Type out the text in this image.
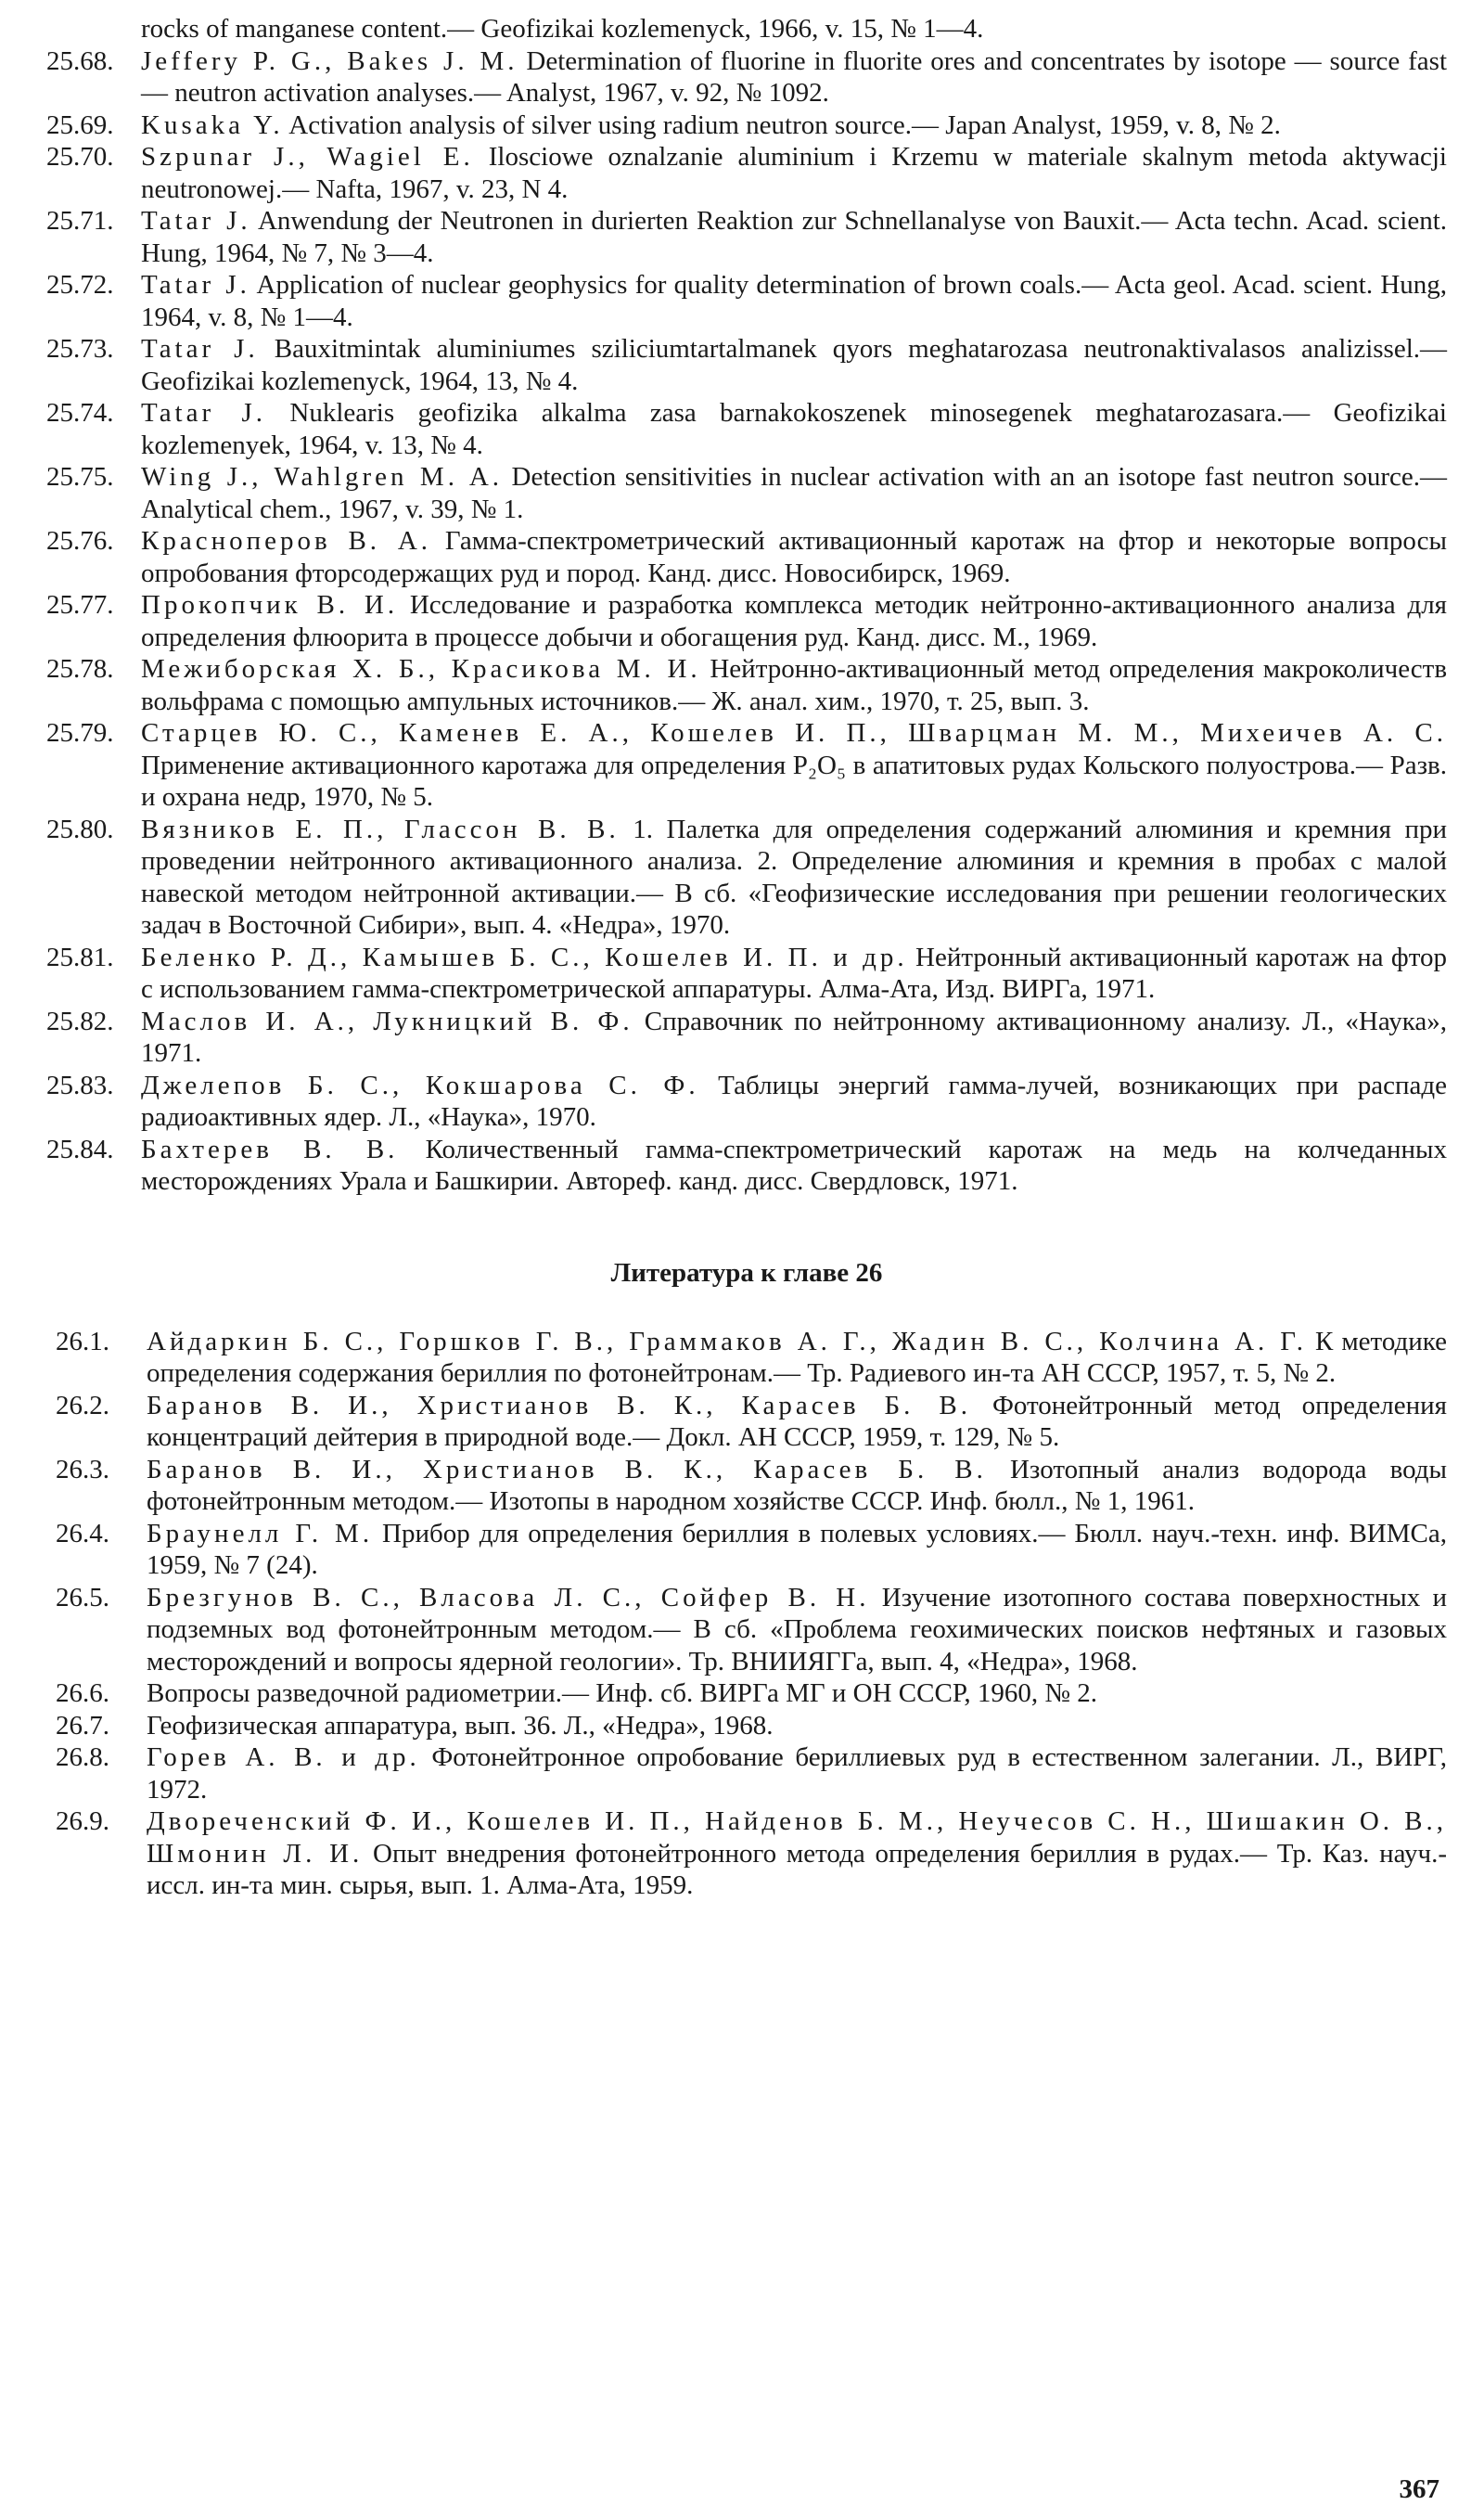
rocks of manganese content.— Geofizikai kozlemenyck, 1966, v. 15, № 1—4.
25.68.	Jeffery P. G., Bakes J. M. Determination of fluorine in fluorite ores and concentrates by isotope — source fast — neutron activation analyses.— Analyst, 1967, v. 92, № 1092.
25.69.	Kusaka Y. Activation analysis of silver using radium neutron source.— Japan Analyst, 1959, v. 8, № 2.
25.70.	Szpunar J., Wagiel E. Ilosciowe oznalzanie aluminium i Krzemu w materiale skalnym metoda aktywacji neutronowej.— Nafta, 1967, v. 23, N 4.
25.71.	Tatar J. Anwendung der Neutronen in durierten Reaktion zur Schnellanalyse von Bauxit.— Acta techn. Acad. scient. Hung, 1964, № 7, № 3—4.
25.72.	Tatar J. Application of nuclear geophysics for quality determination of brown coals.— Acta geol. Acad. scient. Hung, 1964, v. 8, № 1—4.
25.73.	Tatar J. Bauxitmintak aluminiumes sziliciumtartalmanek qyors meghatarozasa neutronaktivalasos analizissel.— Geofizikai kozlemenyck, 1964, 13, № 4.
25.74.	Tatar J. Nuklearis geofizika alkalma zasa barnakokoszenek minosegenek meghatarozasara.— Geofizikai kozlemenyek, 1964, v. 13, № 4.
25.75.	Wing J., Wahlgren M. A. Detection sensitivities in nuclear activation with an an isotope fast neutron source.— Analytical chem., 1967, v. 39, № 1.
25.76.	Красноперов В. А. Гамма-спектрометрический активационный каротаж на фтор и некоторые вопросы опробования фторсодержащих руд и пород. Канд. дисс. Новосибирск, 1969.
25.77.	Прокопчик В. И. Исследование и разработка комплекса методик нейтронно-активационного анализа для определения флюорита в процессе добычи и обогащения руд. Канд. дисс. М., 1969.
25.78.	Межиборская Х. Б., Красикова М. И. Нейтронно-активационный метод определения макроколичеств вольфрама с помощью ампульных источников.— Ж. анал. хим., 1970, т. 25, вып. 3.
25.79.	Старцев Ю. С., Каменев Е. А., Кошелев И. П., Шварцман М. М., Михеичев А. С. Применение активационного каротажа для определения P₂O₅ в апатитовых рудах Кольского полуострова.— Разв. и охрана недр, 1970, № 5.
25.80.	Вязников Е. П., Глассон В. В. 1. Палетка для определения содержаний алюминия и кремния при проведении нейтронного активационного анализа. 2. Определение алюминия и кремния в пробах с малой навеской методом нейтронной активации.— В сб. «Геофизические исследования при решении геологических задач в Восточной Сибири», вып. 4. «Недра», 1970.
25.81.	Беленко Р. Д., Камышев Б. С., Кошелев И. П. и др. Нейтронный активационный каротаж на фтор с использованием гамма-спектрометрической аппаратуры. Алма-Ата, Изд. ВИРГа, 1971.
25.82.	Маслов И. А., Лукницкий В. Ф. Справочник по нейтронному активационному анализу. Л., «Наука», 1971.
25.83.	Джелепов Б. С., Кокшарова С. Ф. Таблицы энергий гамма-лучей, возникающих при распаде радиоактивных ядер. Л., «Наука», 1970.
25.84.	Бахтерев В. В. Количественный гамма-спектрометрический каротаж на медь на колчеданных месторождениях Урала и Башкирии. Автореф. канд. дисс. Свердловск, 1971.
Литература к главе 26
26.1.	Айдаркин Б. С., Горшков Г. В., Граммаков А. Г., Жадин В. С., Колчина А. Г. К методике определения содержания бериллия по фотонейтронам.— Тр. Радиевого ин-та АН СССР, 1957, т. 5, № 2.
26.2.	Баранов В. И., Христианов В. К., Карасев Б. В. Фотонейтронный метод определения концентраций дейтерия в природной воде.— Докл. АН СССР, 1959, т. 129, № 5.
26.3.	Баранов В. И., Христианов В. К., Карасев Б. В. Изотопный анализ водорода воды фотонейтронным методом.— Изотопы в народном хозяйстве СССР. Инф. бюлл., № 1, 1961.
26.4.	Браунелл Г. М. Прибор для определения бериллия в полевых условиях.— Бюлл. науч.-техн. инф. ВИМСа, 1959, № 7 (24).
26.5.	Брезгунов В. С., Власова Л. С., Сойфер В. Н. Изучение изотопного состава поверхностных и подземных вод фотонейтронным методом.— В сб. «Проблема геохимических поисков нефтяных и газовых месторождений и вопросы ядерной геологии». Тр. ВНИИЯГГа, вып. 4, «Недра», 1968.
26.6.	Вопросы разведочной радиометрии.— Инф. сб. ВИРГа МГ и ОН СССР, 1960, № 2.
26.7.	Геофизическая аппаратура, вып. 36. Л., «Недра», 1968.
26.8.	Горев А. В. и др. Фотонейтронное опробование бериллиевых руд в естественном залегании. Л., ВИРГ, 1972.
26.9.	Двореченский Ф. И., Кошелев И. П., Найденов Б. М., Неучесов С. Н., Шишакин О. В., Шмонин Л. И. Опыт внедрения фотонейтронного метода определения бериллия в рудах.— Тр. Каз. науч.-иссл. ин-та мин. сырья, вып. 1. Алма-Ата, 1959.
367
